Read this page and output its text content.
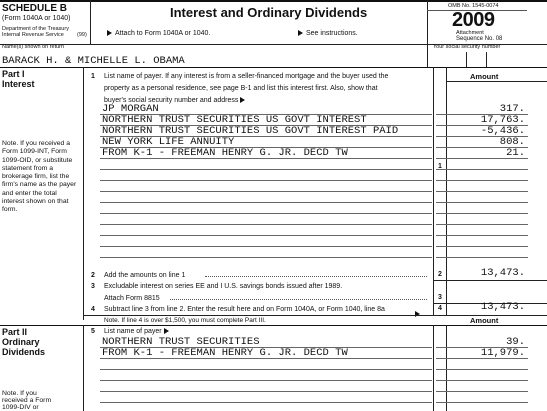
SCHEDULE B
(Form 1040A or 1040)
Department of the Treasury
Internal Revenue Service (99)
Interest and Ordinary Dividends
Attach to Form 1040A or 1040.	See instructions.
OMB No. 1545-0074
2009
Attachment
Sequence No. 08
Name(s) shown on return	Your social security number
BARACK H. & MICHELLE L. OBAMA
Part I
Interest
1 List name of payer. If any interest is from a seller-financed mortgage and the buyer used the
property as a personal residence, see page B-1 and list this interest first. Also, show that
buyer's social security number and address
Amount
JP MORGAN	317.
NORTHERN TRUST SECURITIES US GOVT INTEREST	17,763.
NORTHERN TRUST SECURITIES US GOVT INTEREST PAID	-5,436.
NEW YORK LIFE ANNUITY	808.
FROM K-1 - FREEMAN HENRY G. JR. DECD TW	21.
1
Note. If you received a Form 1099-INT, Form 1099-OID, or substitute statement from a brokerage firm, list the firm's name as the payer and enter the total interest shown on that form.
2 Add the amounts on line 1	2	13,473.
3 Excludable interest on series EE and I U.S. savings bonds issued after 1989.
Attach Form 8815	3
4 Subtract line 3 from line 2. Enter the result here and on Form 1040A, or Form 1040, line 8a	4	13,473.
Note. If line 4 is over $1,500, you must complete Part III.	Amount
Part II
Ordinary
Dividends
5 List name of payer
NORTHERN TRUST SECURITIES	39.
FROM K-1 - FREEMAN HENRY G. JR. DECD TW	11,979.
Note. If you
received a Form
1099-DIV or
